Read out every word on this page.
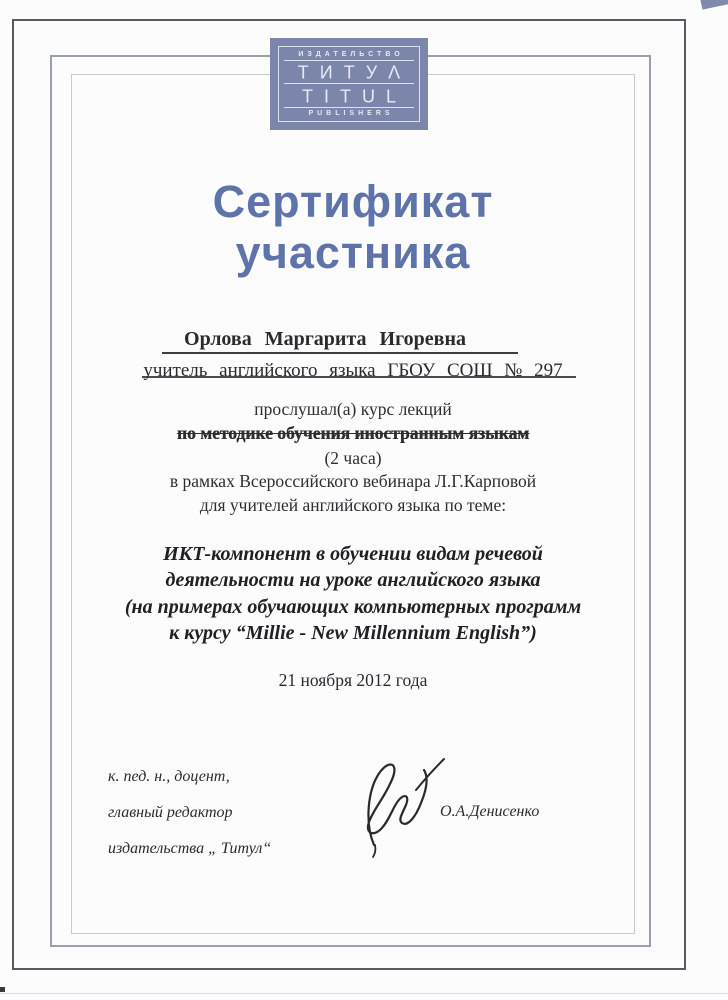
ИЗДАТЕЛЬСТВО
ТИТУΛ
TITUL
PUBLISHERS
Сертификат
участника
Орлова Маргарита Игоревна
учитель английского языка ГБОУ СОШ № 297
прослушал(а) курс лекций
по методике обучения иностранным языкам
(2 часа)
в рамках Всероссийского вебинара Л.Г.Карповой
для учителей английского языка по теме:
ИКТ-компонент в обучении видам речевой
деятельности на уроке английского языка
(на примерах обучающих компьютерных программ
к курсу “Millie - New Millennium English”)
21 ноября 2012 года
к. пед. н., доцент,
главный редактор
издательства „ Титул“
О.А.Денисенко
